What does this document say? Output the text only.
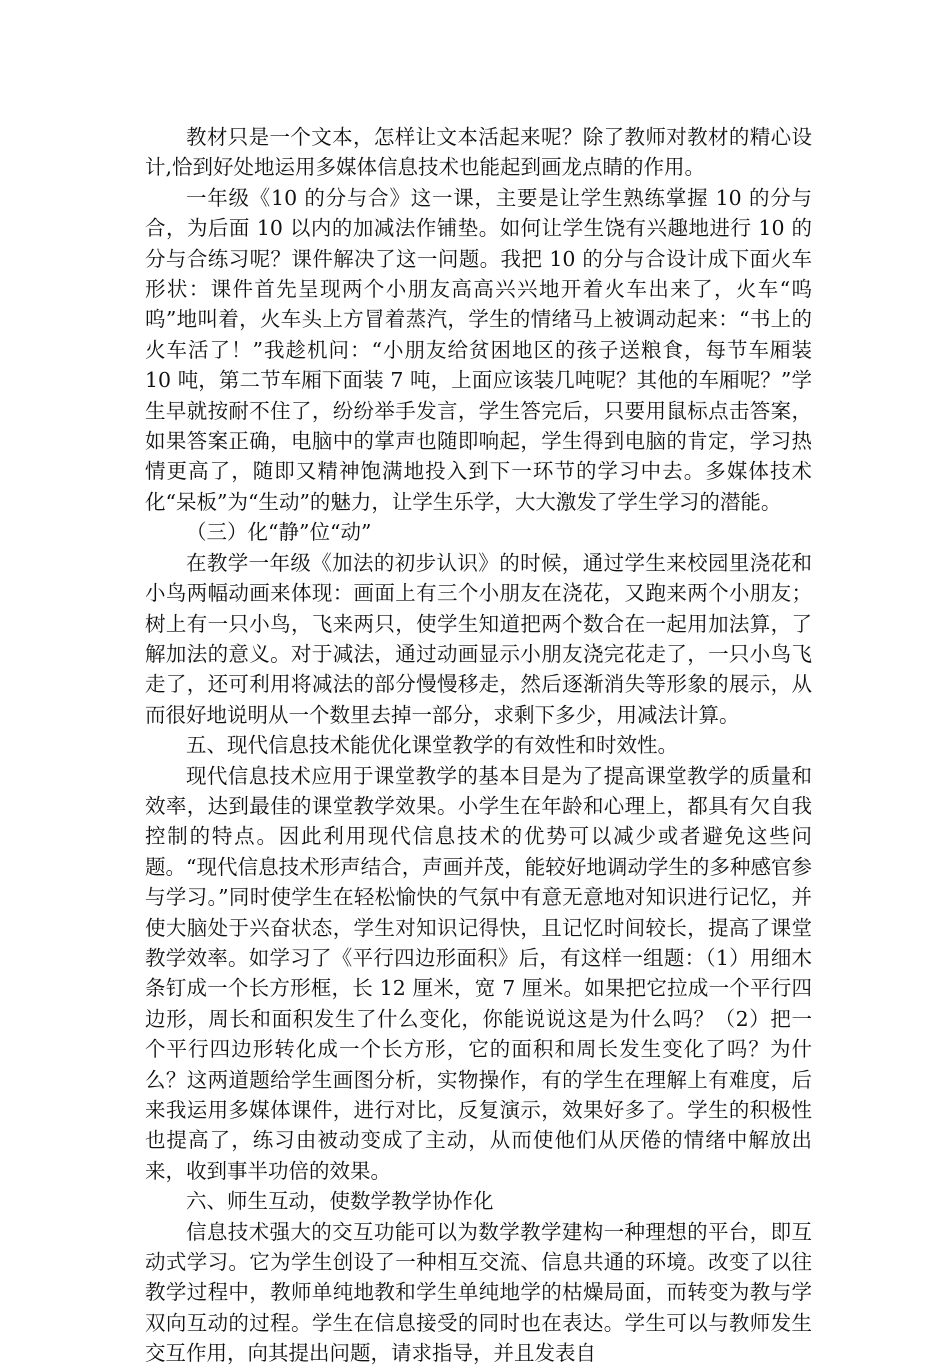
教材只是一个文本，怎样让文本活起来呢？除了教师对教材的精心设计,恰到好处地运用多媒体信息技术也能起到画龙点睛的作用。

一年级《10 的分与合》这一课，主要是让学生熟练掌握 10 的分与合，为后面 10 以内的加减法作铺垫。如何让学生饶有兴趣地进行 10 的分与合练习呢？课件解决了这一问题。我把 10 的分与合设计成下面火车形状：课件首先呈现两个小朋友高高兴兴地开着火车出来了，火车“呜呜”地叫着，火车头上方冒着蒸汽，学生的情绪马上被调动起来：“书上的火车活了！”我趁机问：“小朋友给贫困地区的孩子送粮食，每节车厢装 10 吨，第二节车厢下面装 7 吨，上面应该装几吨呢？其他的车厢呢？”学生早就按耐不住了，纷纷举手发言，学生答完后，只要用鼠标点击答案，如果答案正确，电脑中的掌声也随即响起，学生得到电脑的肯定，学习热情更高了，随即又精神饱满地投入到下一环节的学习中去。多媒体技术化“呆板”为“生动”的魅力，让学生乐学，大大激发了学生学习的潜能。

（三）化“静”位“动”

在教学一年级《加法的初步认识》的时候，通过学生来校园里浇花和小鸟两幅动画来体现：画面上有三个小朋友在浇花，又跑来两个小朋友；树上有一只小鸟，飞来两只，使学生知道把两个数合在一起用加法算，了解加法的意义。对于减法，通过动画显示小朋友浇完花走了，一只小鸟飞走了，还可利用将减法的部分慢慢移走，然后逐渐消失等形象的展示，从而很好地说明从一个数里去掉一部分，求剩下多少，用减法计算。

五、现代信息技术能优化课堂教学的有效性和时效性。

现代信息技术应用于课堂教学的基本目是为了提高课堂教学的质量和效率，达到最佳的课堂教学效果。小学生在年龄和心理上，都具有欠自我控制的特点。因此利用现代信息技术的优势可以减少或者避免这些问题。“现代信息技术形声结合，声画并茂，能较好地调动学生的多种感官参与学习。”同时使学生在轻松愉快的气氛中有意无意地对知识进行记忆，并使大脑处于兴奋状态，学生对知识记得快，且记忆时间较长，提高了课堂教学效率。如学习了《平行四边形面积》后，有这样一组题：（1）用细木条钉成一个长方形框，长 12 厘米，宽 7 厘米。如果把它拉成一个平行四边形，周长和面积发生了什么变化，你能说说这是为什么吗？（2）把一个平行四边形转化成一个长方形，它的面积和周长发生变化了吗？为什么？这两道题给学生画图分析，实物操作，有的学生在理解上有难度，后来我运用多媒体课件，进行对比，反复演示，效果好多了。学生的积极性也提高了，练习由被动变成了主动，从而使他们从厌倦的情绪中解放出来，收到事半功倍的效果。

六、师生互动，使数学教学协作化

信息技术强大的交互功能可以为数学教学建构一种理想的平台，即互动式学习。它为学生创设了一种相互交流、信息共通的环境。改变了以往教学过程中，教师单纯地教和学生单纯地学的枯燥局面，而转变为教与学双向互动的过程。学生在信息接受的同时也在表达。学生可以与教师发生交互作用，向其提出问题，请求指导，并且发表自
